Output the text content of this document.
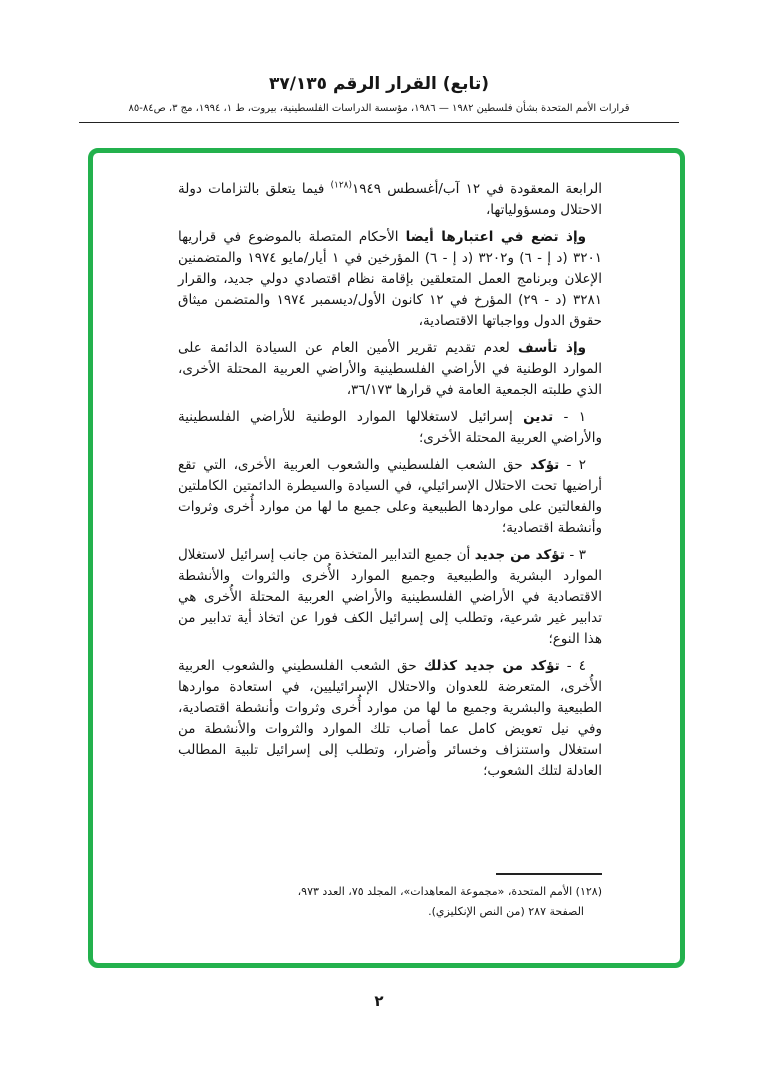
(تابع) القرار الرقم ٣٧/١٣٥
قرارات الأمم المتحدة بشأن فلسطين ١٩٨٢ — ١٩٨٦، مؤسسة الدراسات الفلسطينية، بيروت، ط ١، ١٩٩٤، مج ٣، ص٨٤-٨٥

الرابعة المعقودة في ١٢ آب/أغسطس ١٩٤٩$^{(١٢٨)}$ فيما يتعلق بالتزامات دولة الاحتلال ومسؤولياتها،

وإذ تضع في اعتبارها أيضا الأحكام المتصلة بالموضوع في قراريها ٣٢٠١ (د إ - ٦) و٣٢٠٢ (د إ - ٦) المؤرخين في ١ أيار/مايو ١٩٧٤ والمتضمنين الإعلان وبرنامج العمل المتعلقين بإقامة نظام اقتصادي دولي جديد، والقرار ٣٢٨١ (د - ٢٩) المؤرخ في ١٢ كانون الأول/ديسمبر ١٩٧٤ والمتضمن ميثاق حقوق الدول وواجباتها الاقتصادية،

وإذ تأسف لعدم تقديم تقرير الأمين العام عن السيادة الدائمة على الموارد الوطنية في الأراضي الفلسطينية والأراضي العربية المحتلة الأخرى، الذي طلبته الجمعية العامة في قرارها ٣٦/١٧٣،

١ - تدين إسرائيل لاستغلالها الموارد الوطنية للأراضي الفلسطينية والأراضي العربية المحتلة الأخرى؛

٢ - تؤكد حق الشعب الفلسطيني والشعوب العربية الأخرى، التي تقع أراضيها تحت الاحتلال الإسرائيلي، في السيادة والسيطرة الدائمتين الكاملتين والفعالتين على مواردها الطبيعية وعلى جميع ما لها من موارد أُخرى وثروات وأنشطة اقتصادية؛

٣ - تؤكد من جديد أن جميع التدابير المتخذة من جانب إسرائيل لاستغلال الموارد البشرية والطبيعية وجميع الموارد الأُخرى والثروات والأنشطة الاقتصادية في الأراضي الفلسطينية والأراضي العربية المحتلة الأُخرى هي تدابير غير شرعية، وتطلب إلى إسرائيل الكف فورا عن اتخاذ أية تدابير من هذا النوع؛

٤ - تؤكد من جديد كذلك حق الشعب الفلسطيني والشعوب العربية الأُخرى، المتعرضة للعدوان والاحتلال الإسرائيليين، في استعادة مواردها الطبيعية والبشرية وجميع ما لها من موارد أُخرى وثروات وأنشطة اقتصادية، وفي نيل تعويض كامل عما أصاب تلك الموارد والثروات والأنشطة من استغلال واستنزاف وخسائر وأضرار، وتطلب إلى إسرائيل تلبية المطالب العادلة لتلك الشعوب؛

(١٢٨) الأمم المتحدة، «مجموعة المعاهدات»، المجلد ٧٥، العدد ٩٧٣،
الصفحة ٢٨٧ (من النص الإنكليزي).
٢
